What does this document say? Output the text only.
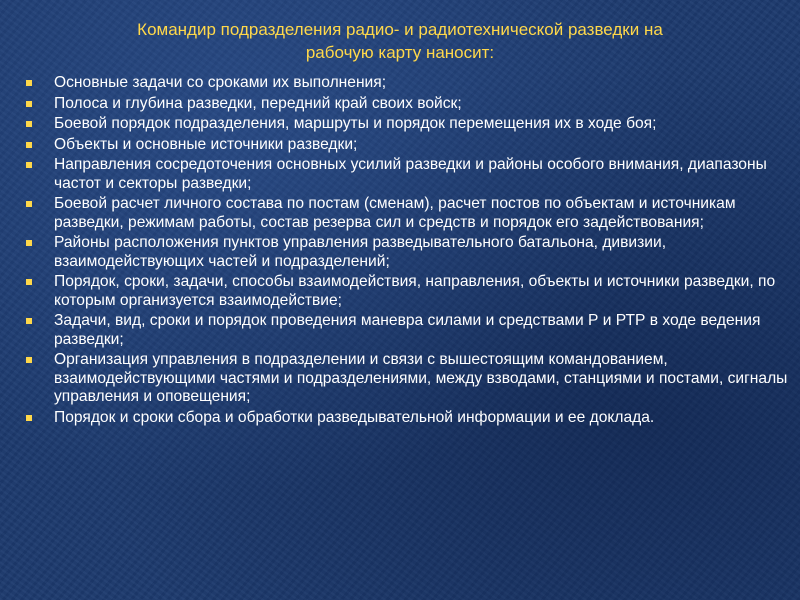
Командир подразделения радио- и радиотехнической разведки на
рабочую карту наносит:
Основные задачи со сроками их выполнения;
Полоса и глубина разведки, передний край своих войск;
Боевой порядок подразделения, маршруты и порядок перемещения их в ходе боя;
Объекты и основные источники разведки;
Направления сосредоточения основных усилий разведки и районы особого внимания, диапазоны частот и секторы разведки;
Боевой расчет личного состава по постам (сменам), расчет постов по объектам и источникам разведки, режимам работы, состав резерва сил и средств и порядок его задействования;
Районы расположения пунктов управления разведывательного батальона, дивизии, взаимодействующих частей и подразделений;
Порядок, сроки, задачи, способы взаимодействия, направления, объекты и источники разведки, по которым организуется взаимодействие;
Задачи, вид, сроки и порядок проведения маневра силами и средствами Р и РТР в ходе ведения разведки;
Организация управления в подразделении и связи с вышестоящим командованием, взаимодействующими частями и подразделениями, между взводами, станциями и постами, сигналы управления и оповещения;
Порядок и сроки сбора и обработки разведывательной информации и ее доклада.
